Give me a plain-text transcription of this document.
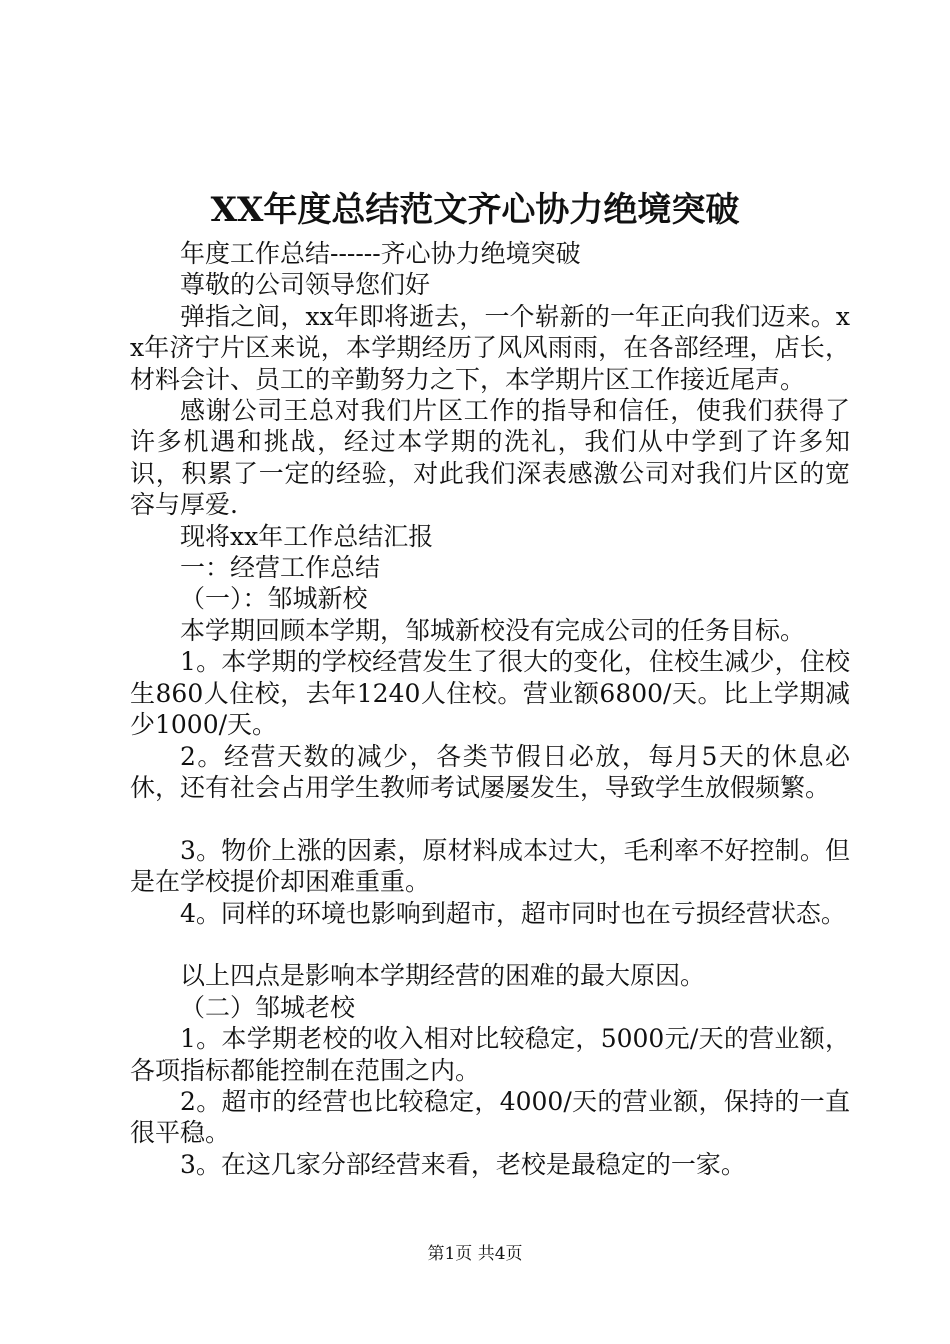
XX年度总结范文齐心协力绝境突破

年度工作总结------齐心协力绝境突破

尊敬的公司领导您们好

弹指之间，xx年即将逝去，一个崭新的一年正向我们迈来。xx年济宁片区来说，本学期经历了风风雨雨，在各部经理，店长，材料会计、员工的辛勤努力之下，本学期片区工作接近尾声。

感谢公司王总对我们片区工作的指导和信任，使我们获得了许多机遇和挑战，经过本学期的洗礼，我们从中学到了许多知识，积累了一定的经验，对此我们深表感激公司对我们片区的宽容与厚爱.

现将xx年工作总结汇报

一：经营工作总结

（一）：邹城新校

本学期回顾本学期，邹城新校没有完成公司的任务目标。

1。本学期的学校经营发生了很大的变化，住校生减少，住校生860人住校，去年1240人住校。营业额6800/天。比上学期减少1000/天。

2。经营天数的减少，各类节假日必放，每月5天的休息必休，还有社会占用学生教师考试屡屡发生，导致学生放假频繁。

3。物价上涨的因素，原材料成本过大，毛利率不好控制。但是在学校提价却困难重重。

4。同样的环境也影响到超市，超市同时也在亏损经营状态。

以上四点是影响本学期经营的困难的最大原因。

（二）邹城老校

1。本学期老校的收入相对比较稳定，5000元/天的营业额，各项指标都能控制在范围之内。

2。超市的经营也比较稳定，4000/天的营业额，保持的一直很平稳。

3。在这几家分部经营来看，老校是最稳定的一家。

第1页 共4页
